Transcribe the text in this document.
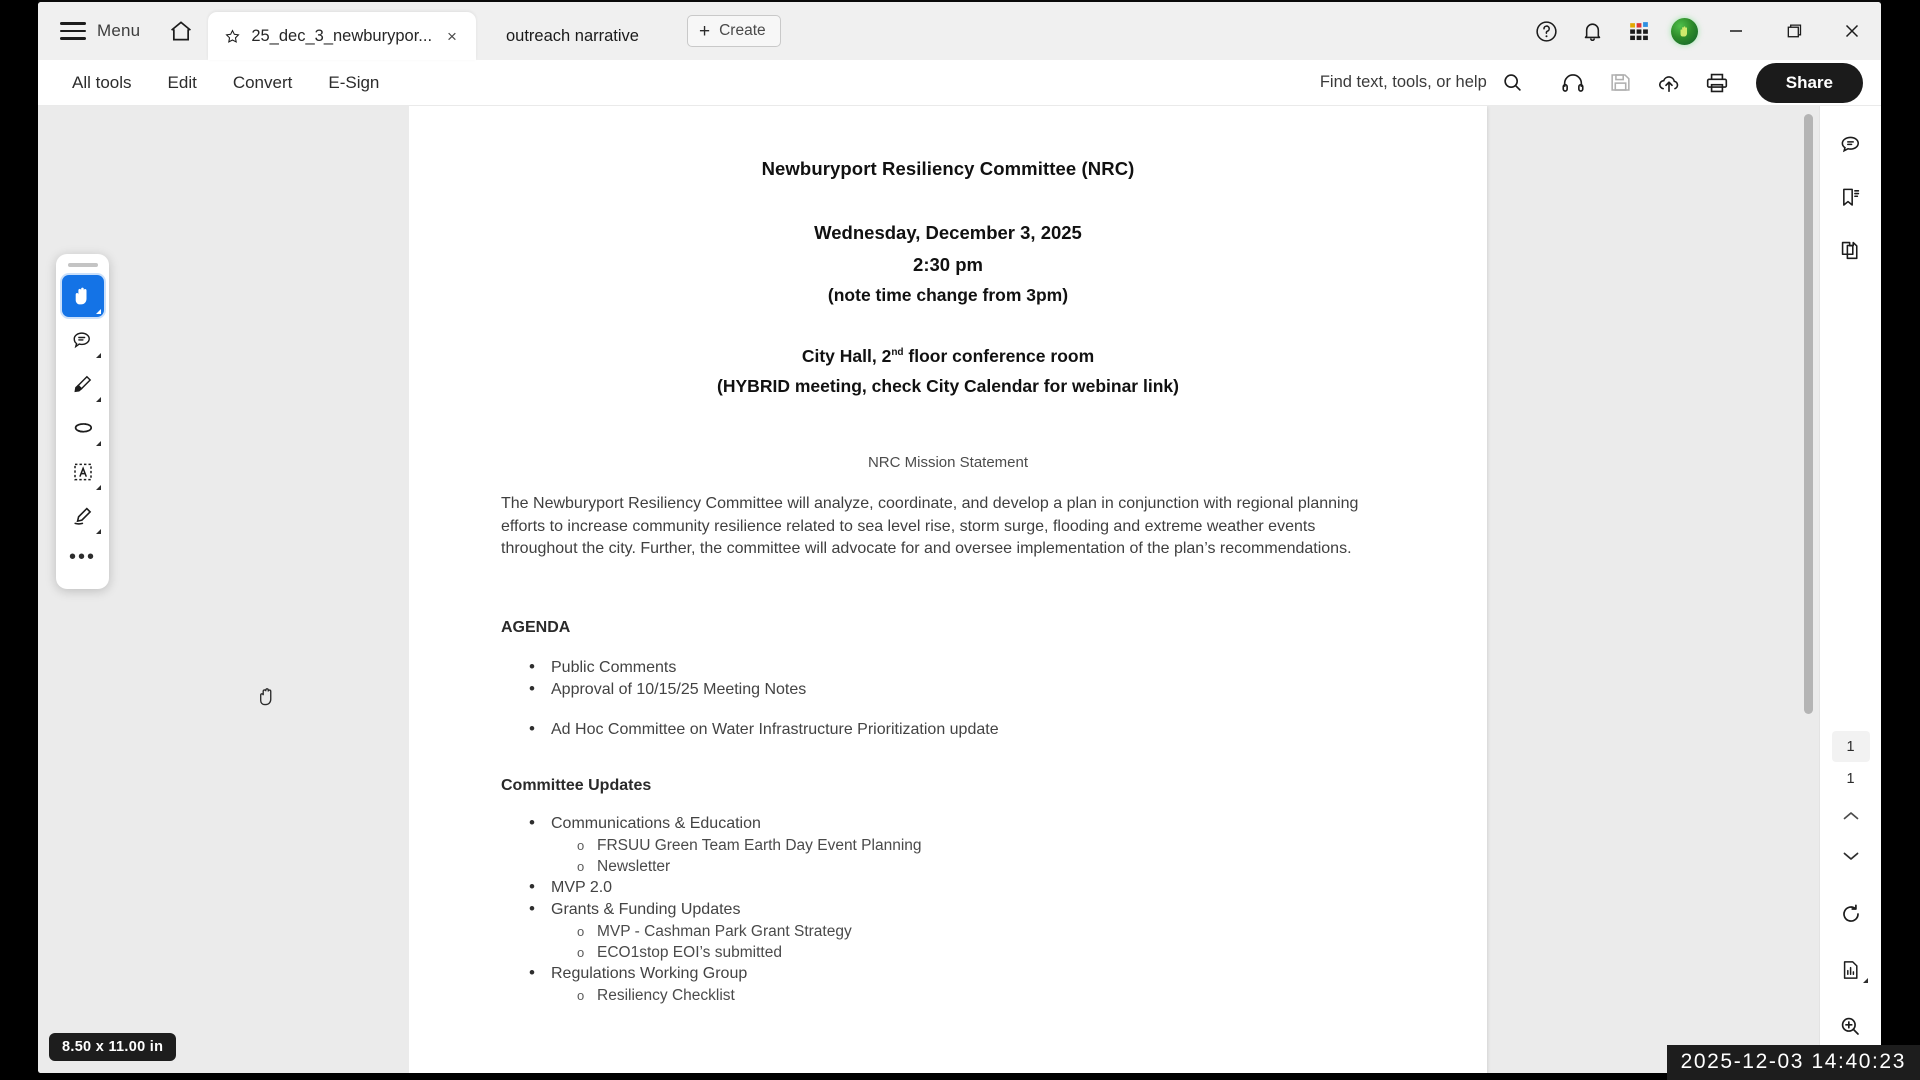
Menu	25_dec_3_newburypor... ×	outreach narrative	+ Create
All tools	Edit	Convert	E-Sign	Find text, tools, or help	Share
•••
Newburyport Resiliency Committee (NRC)
Wednesday, December 3, 2025
2:30 pm
(note time change from 3pm)
City Hall, 2nd floor conference room
(HYBRID meeting, check City Calendar for webinar link)
NRC Mission Statement
The Newburyport Resiliency Committee will analyze, coordinate, and develop a plan in conjunction with regional planning efforts to increase community resilience related to sea level rise, storm surge, flooding and extreme weather events throughout the city. Further, the committee will advocate for and oversee implementation of the plan’s recommendations.
AGENDA
• Public Comments
• Approval of 10/15/25 Meeting Notes
• Ad Hoc Committee on Water Infrastructure Prioritization update
Committee Updates
• Communications & Education
o FRSUU Green Team Earth Day Event Planning
o Newsletter
• MVP 2.0
• Grants & Funding Updates
o MVP - Cashman Park Grant Strategy
o ECO1stop EOI’s submitted
• Regulations Working Group
o Resiliency Checklist
1
1
8.50 x 11.00 in
2025-12-03 14:40:23
